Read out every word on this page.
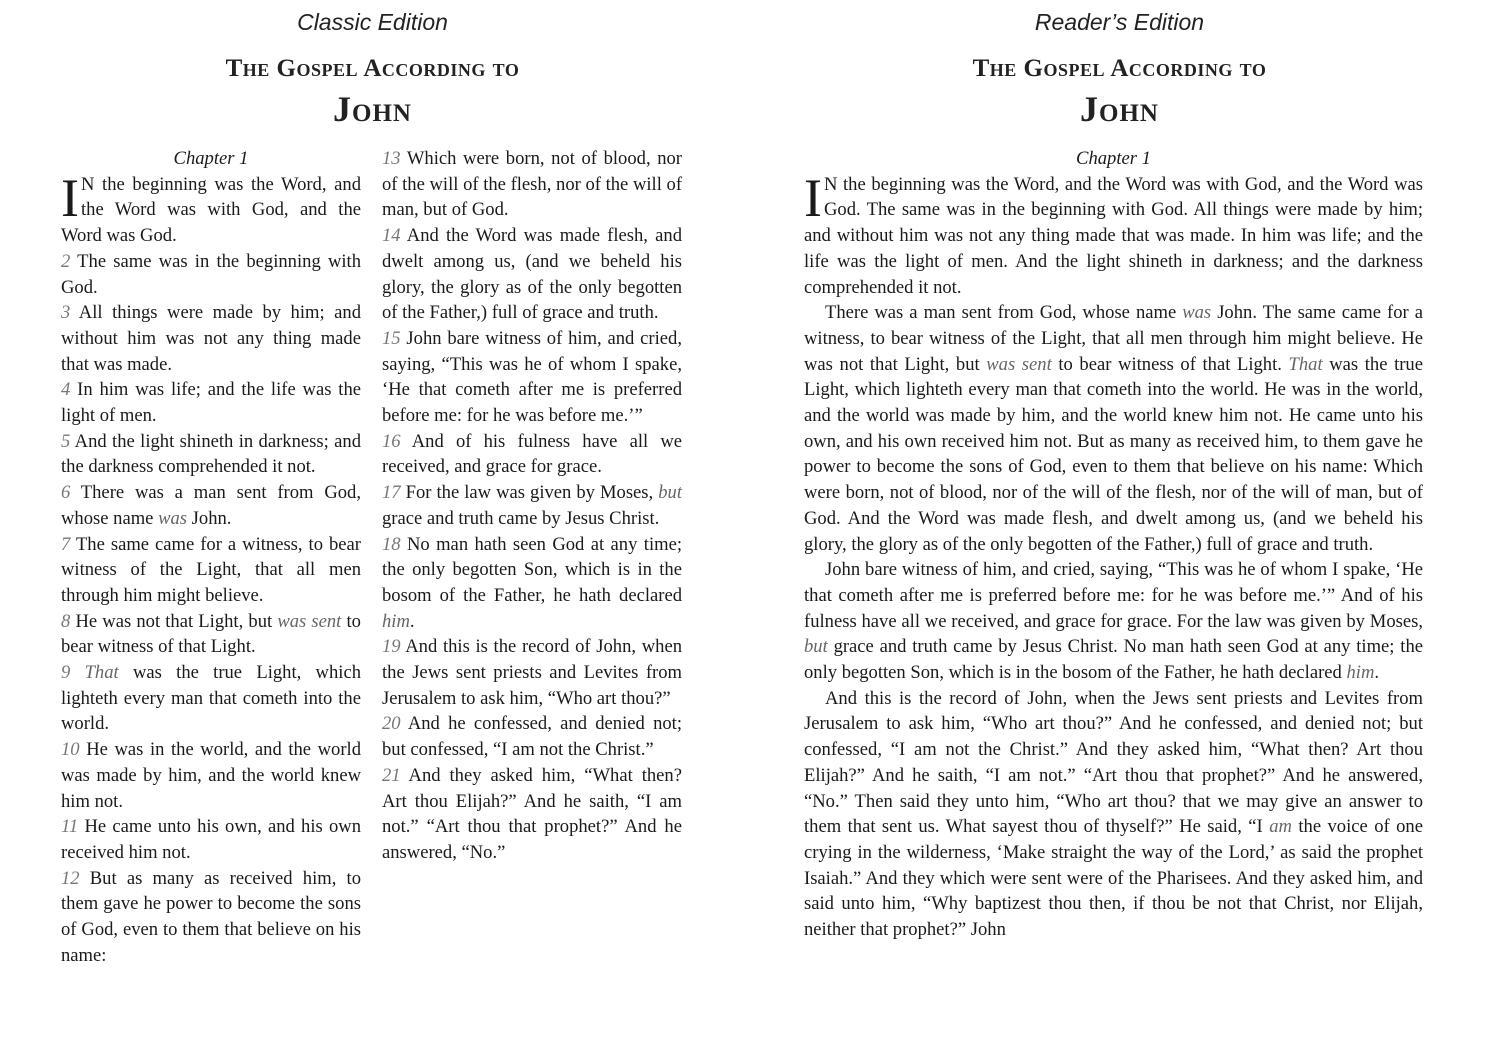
Classic Edition
The Gospel According to
John

Chapter 1

I N the beginning was the Word, and the Word was with God, and the Word was God.

2 The same was in the beginning with God.

3 All things were made by him; and without him was not any thing made that was made.

4 In him was life; and the life was the light of men.

5 And the light shineth in darkness; and the darkness comprehended it not.

6 There was a man sent from God, whose name was John.

7 The same came for a witness, to bear witness of the Light, that all men through him might believe.

8 He was not that Light, but was sent to bear witness of that Light.

9 That was the true Light, which lighteth every man that cometh into the world.

10 He was in the world, and the world was made by him, and the world knew him not.

11 He came unto his own, and his own received him not.

12 But as many as received him, to them gave he power to become the sons of God, even to them that believe on his name:

13 Which were born, not of blood, nor of the will of the flesh, nor of the will of man, but of God.

14 And the Word was made flesh, and dwelt among us, (and we beheld his glory, the glory as of the only begotten of the Father,) full of grace and truth.

15 John bare witness of him, and cried, saying, “This was he of whom I spake, ‘He that cometh after me is preferred before me: for he was before me.’”

16 And of his fulness have all we received, and grace for grace.

17 For the law was given by Moses, but grace and truth came by Jesus Christ.

18 No man hath seen God at any time; the only begotten Son, which is in the bosom of the Father, he hath declared him.

19 And this is the record of John, when the Jews sent priests and Levites from Jerusalem to ask him, “Who art thou?”

20 And he confessed, and denied not; but confessed, “I am not the Christ.”

21 And they asked him, “What then? Art thou Elijah?” And he saith, “I am not.” “Art thou that prophet?” And he answered, “No.”

Reader’s Edition
The Gospel According to
John

Chapter 1

I N the beginning was the Word, and the Word was with God, and the Word was God. The same was in the beginning with God. All things were made by him; and without him was not any thing made that was made. In him was life; and the life was the light of men. And the light shineth in darkness; and the darkness comprehended it not.

There was a man sent from God, whose name was John. The same came for a witness, to bear witness of the Light, that all men through him might believe. He was not that Light, but was sent to bear witness of that Light. That was the true Light, which lighteth every man that cometh into the world. He was in the world, and the world was made by him, and the world knew him not. He came unto his own, and his own received him not. But as many as received him, to them gave he power to become the sons of God, even to them that believe on his name: Which were born, not of blood, nor of the will of the flesh, nor of the will of man, but of God. And the Word was made flesh, and dwelt among us, (and we beheld his glory, the glory as of the only begotten of the Father,) full of grace and truth.

John bare witness of him, and cried, saying, “This was he of whom I spake, ‘He that cometh after me is preferred before me: for he was before me.’” And of his fulness have all we received, and grace for grace. For the law was given by Moses, but grace and truth came by Jesus Christ. No man hath seen God at any time; the only begotten Son, which is in the bosom of the Father, he hath declared him.

And this is the record of John, when the Jews sent priests and Levites from Jerusalem to ask him, “Who art thou?” And he confessed, and denied not; but confessed, “I am not the Christ.” And they asked him, “What then? Art thou Elijah?” And he saith, “I am not.” “Art thou that prophet?” And he answered, “No.” Then said they unto him, “Who art thou? that we may give an answer to them that sent us. What sayest thou of thyself?” He said, “I am the voice of one crying in the wilderness, ‘Make straight the way of the Lord,’ as said the prophet Isaiah.” And they which were sent were of the Pharisees. And they asked him, and said unto him, “Why baptizest thou then, if thou be not that Christ, nor Elijah, neither that prophet?” John
